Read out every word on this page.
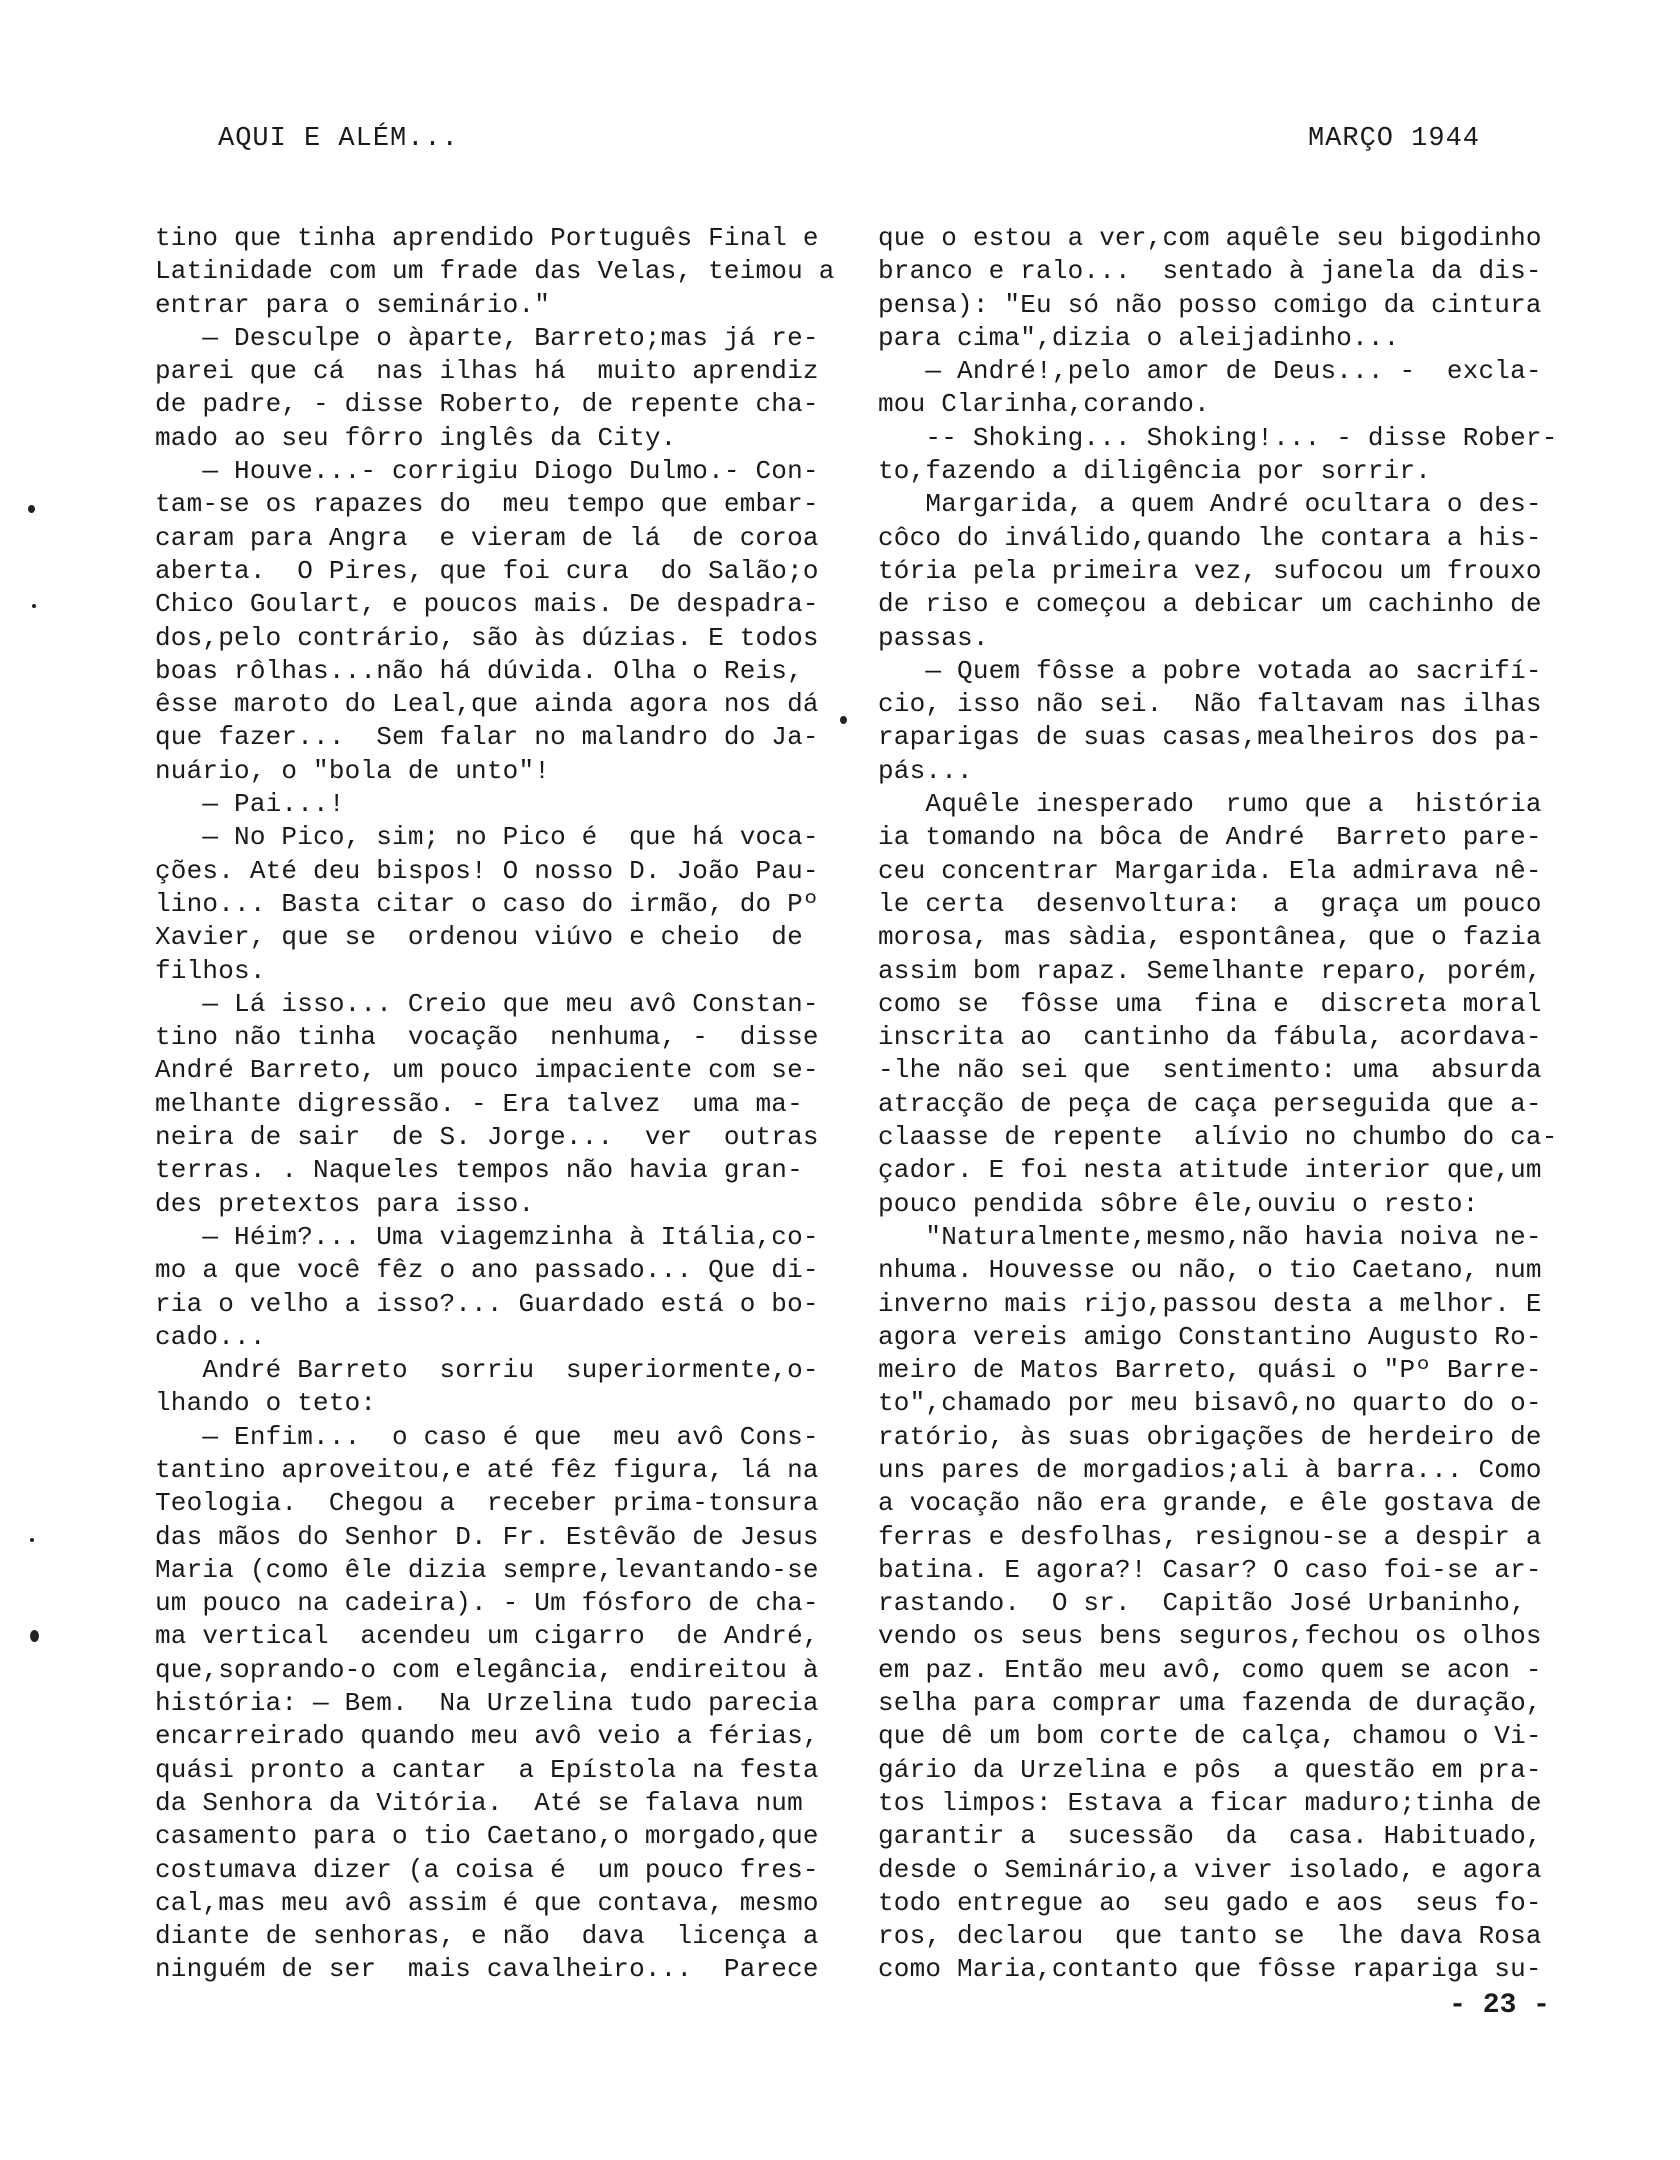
AQUI E ALÉM...	MARÇO 1944
tino que tinha aprendido Português Final e
Latinidade com um frade das Velas, teimou a
entrar para o seminário."
— Desculpe o àparte, Barreto;mas já re-
parei que cá  nas ilhas há  muito aprendiz
de padre, - disse Roberto, de repente cha-
mado ao seu fôrro inglês da City.
— Houve...- corrigiu Diogo Dulmo.- Con-
tam-se os rapazes do  meu tempo que embar-
caram para Angra  e vieram de lá  de coroa
aberta.  O Pires, que foi cura  do Salão;o
Chico Goulart, e poucos mais. De despadra-
dos,pelo contrário, são às dúzias. E todos
boas rôlhas...não há dúvida. Olha o Reis,
êsse maroto do Leal,que ainda agora nos dá
que fazer...  Sem falar no malandro do Ja-
nuário, o "bola de unto"!
— Pai...!
— No Pico, sim; no Pico é  que há voca-
ções. Até deu bispos! O nosso D. João Pau-
lino... Basta citar o caso do irmão, do Pº
Xavier, que se  ordenou viúvo e cheio  de
filhos.
— Lá isso... Creio que meu avô Constan-
tino não tinha  vocação  nenhuma, -  disse
André Barreto, um pouco impaciente com se-
melhante digressão. - Era talvez  uma ma-
neira de sair  de S. Jorge...  ver  outras
terras. . Naqueles tempos não havia gran-
des pretextos para isso.
— Héim?... Uma viagemzinha à Itália,co-
mo a que você fêz o ano passado... Que di-
ria o velho a isso?... Guardado está o bo-
cado...
André Barreto  sorriu  superiormente,o-
lhando o teto:
— Enfim...  o caso é que  meu avô Cons-
tantino aproveitou,e até fêz figura, lá na
Teologia.  Chegou a  receber prima-tonsura
das mãos do Senhor D. Fr. Estêvão de Jesus
Maria (como êle dizia sempre,levantando-se
um pouco na cadeira). - Um fósforo de cha-
ma vertical  acendeu um cigarro  de André,
que,soprando-o com elegância, endireitou à
história: — Bem.  Na Urzelina tudo parecia
encarreirado quando meu avô veio a férias,
quási pronto a cantar  a Epístola na festa
da Senhora da Vitória.  Até se falava num
casamento para o tio Caetano,o morgado,que
costumava dizer (a coisa é  um pouco fres-
cal,mas meu avô assim é que contava, mesmo
diante de senhoras, e não  dava  licença a
ninguém de ser  mais cavalheiro...  Parece
que o estou a ver,com aquêle seu bigodinho
branco e ralo...  sentado à janela da dis-
pensa): "Eu só não posso comigo da cintura
para cima",dizia o aleijadinho...
— André!,pelo amor de Deus... -  excla-
mou Clarinha,corando.
-- Shoking... Shoking!... - disse Rober-
to,fazendo a diligência por sorrir.
Margarida, a quem André ocultara o des-
côco do inválido,quando lhe contara a his-
tória pela primeira vez, sufocou um frouxo
de riso e começou a debicar um cachinho de
passas.
— Quem fôsse a pobre votada ao sacrifí-
cio, isso não sei.  Não faltavam nas ilhas
raparigas de suas casas,mealheiros dos pa-
pás...
Aquêle inesperado  rumo que a  história
ia tomando na bôca de André  Barreto pare-
ceu concentrar Margarida. Ela admirava nê-
le certa  desenvoltura:  a  graça um pouco
morosa, mas sàdia, espontânea, que o fazia
assim bom rapaz. Semelhante reparo, porém,
como se  fôsse uma  fina e  discreta moral
inscrita ao  cantinho da fábula, acordava-
-lhe não sei que  sentimento: uma  absurda
atracção de peça de caça perseguida que a-
claasse de repente  alívio no chumbo do ca-
çador. E foi nesta atitude interior que,um
pouco pendida sôbre êle,ouviu o resto:
"Naturalmente,mesmo,não havia noiva ne-
nhuma. Houvesse ou não, o tio Caetano, num
inverno mais rijo,passou desta a melhor. E
agora vereis amigo Constantino Augusto Ro-
meiro de Matos Barreto, quási o "Pº Barre-
to",chamado por meu bisavô,no quarto do o-
ratório, às suas obrigações de herdeiro de
uns pares de morgadios;ali à barra... Como
a vocação não era grande, e êle gostava de
ferras e desfolhas, resignou-se a despir a
batina. E agora?! Casar? O caso foi-se ar-
rastando.  O sr.  Capitão José Urbaninho,
vendo os seus bens seguros,fechou os olhos
em paz. Então meu avô, como quem se acon -
selha para comprar uma fazenda de duração,
que dê um bom corte de calça, chamou o Vi-
gário da Urzelina e pôs  a questão em pra-
tos limpos: Estava a ficar maduro;tinha de
garantir a  sucessão  da  casa. Habituado,
desde o Seminário,a viver isolado, e agora
todo entregue ao  seu gado e aos  seus fo-
ros, declarou  que tanto se  lhe dava Rosa
como Maria,contanto que fôsse rapariga su-
- 23 -
